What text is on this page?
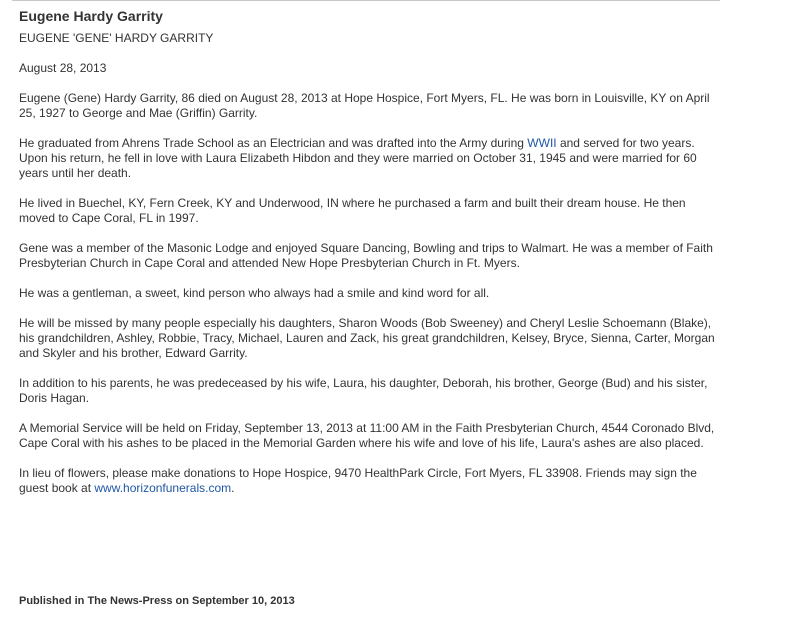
Eugene Hardy Garrity
EUGENE 'GENE' HARDY GARRITY
August 28, 2013

Eugene (Gene) Hardy Garrity, 86 died on August 28, 2013 at Hope Hospice, Fort Myers, FL. He was born in Louisville, KY on April 25, 1927 to George and Mae (Griffin) Garrity.

He graduated from Ahrens Trade School as an Electrician and was drafted into the Army during WWII and served for two years. Upon his return, he fell in love with Laura Elizabeth Hibdon and they were married on October 31, 1945 and were married for 60 years until her death.

He lived in Buechel, KY, Fern Creek, KY and Underwood, IN where he purchased a farm and built their dream house. He then moved to Cape Coral, FL in 1997.

Gene was a member of the Masonic Lodge and enjoyed Square Dancing, Bowling and trips to Walmart. He was a member of Faith Presbyterian Church in Cape Coral and attended New Hope Presbyterian Church in Ft. Myers.

He was a gentleman, a sweet, kind person who always had a smile and kind word for all.

He will be missed by many people especially his daughters, Sharon Woods (Bob Sweeney) and Cheryl Leslie Schoemann (Blake), his grandchildren, Ashley, Robbie, Tracy, Michael, Lauren and Zack, his great grandchildren, Kelsey, Bryce, Sienna, Carter, Morgan and Skyler and his brother, Edward Garrity.

In addition to his parents, he was predeceased by his wife, Laura, his daughter, Deborah, his brother, George (Bud) and his sister, Doris Hagan.

A Memorial Service will be held on Friday, September 13, 2013 at 11:00 AM in the Faith Presbyterian Church, 4544 Coronado Blvd, Cape Coral with his ashes to be placed in the Memorial Garden where his wife and love of his life, Laura's ashes are also placed.

In lieu of flowers, please make donations to Hope Hospice, 9470 HealthPark Circle, Fort Myers, FL 33908. Friends may sign the guest book at www.horizonfunerals.com.

Published in The News-Press on September 10, 2013
